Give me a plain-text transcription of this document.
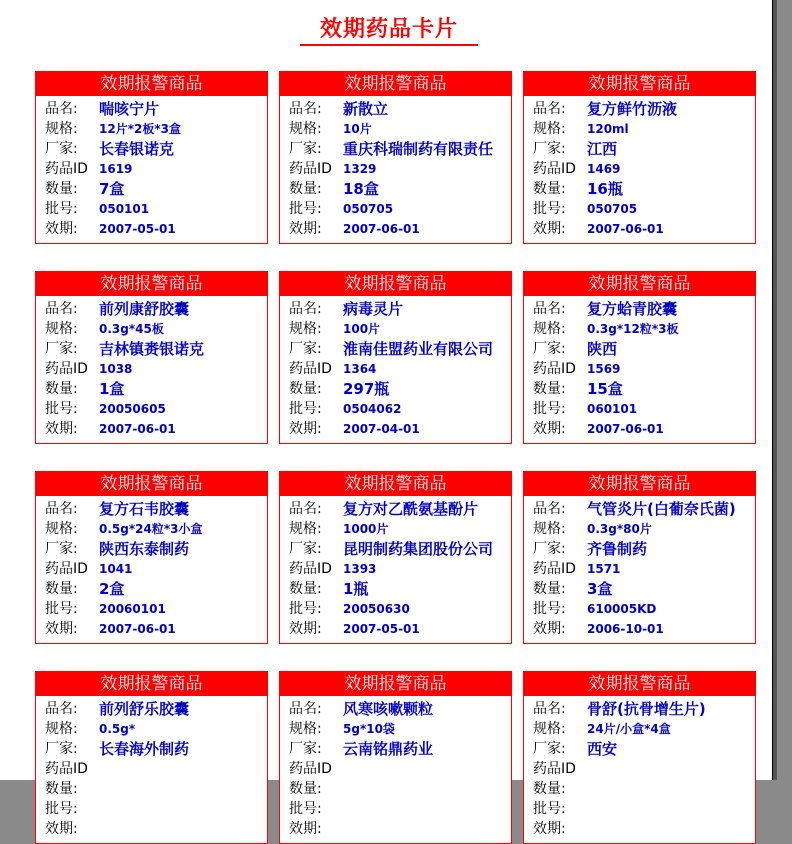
效期药品卡片
效期报警商品
品名: 喘咳宁片
规格: 12片*2板*3盒
厂家: 长春银诺克
药品ID 1619
数量: 7盒
批号: 050101
效期: 2007-05-01
效期报警商品
品名: 新散立
规格: 10片
厂家: 重庆科瑞制药有限责任
药品ID 1329
数量: 18盒
批号: 050705
效期: 2007-06-01
效期报警商品
品名: 复方鲜竹沥液
规格: 120ml
厂家: 江西
药品ID 1469
数量: 16瓶
批号: 050705
效期: 2007-06-01
效期报警商品
品名: 前列康舒胶囊
规格: 0.3g*45板
厂家: 吉林镇赉银诺克
药品ID 1038
数量: 1盒
批号: 20050605
效期: 2007-06-01
效期报警商品
品名: 病毒灵片
规格: 100片
厂家: 淮南佳盟药业有限公司
药品ID 1364
数量: 297瓶
批号: 0504062
效期: 2007-04-01
效期报警商品
品名: 复方蛤青胶囊
规格: 0.3g*12粒*3板
厂家: 陕西
药品ID 1569
数量: 15盒
批号: 060101
效期: 2007-06-01
效期报警商品
品名: 复方石韦胶囊
规格: 0.5g*24粒*3小盒
厂家: 陕西东泰制药
药品ID 1041
数量: 2盒
批号: 20060101
效期: 2007-06-01
效期报警商品
品名: 复方对乙酰氨基酚片
规格: 1000片
厂家: 昆明制药集团股份公司
药品ID 1393
数量: 1瓶
批号: 20050630
效期: 2007-05-01
效期报警商品
品名: 气管炎片(白葡奈氏菌)
规格: 0.3g*80片
厂家: 齐鲁制药
药品ID 1571
数量: 3盒
批号: 610005KD
效期: 2006-10-01
效期报警商品
品名: 前列舒乐胶囊
规格: 0.5g*
厂家: 长春海外制药
药品ID
数量:
批号:
效期:
效期报警商品
品名: 风寒咳嗽颗粒
规格: 5g*10袋
厂家: 云南铭鼎药业
药品ID
数量:
批号:
效期:
效期报警商品
品名: 骨舒(抗骨增生片)
规格: 24片/小盒*4盒
厂家: 西安
药品ID
数量:
批号:
效期:
